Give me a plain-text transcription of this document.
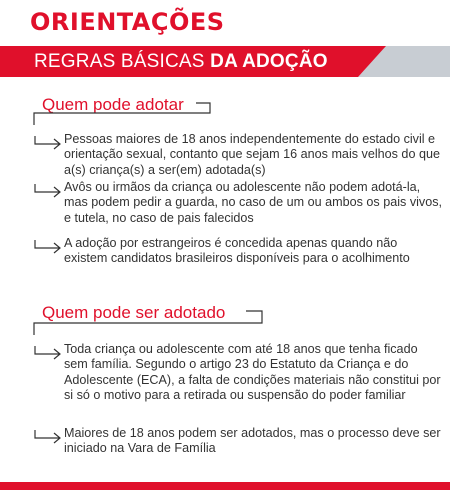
ORIENTAÇÕES
REGRAS BÁSICAS DA ADOÇÃO
Quem pode adotar

Pessoas maiores de 18 anos independentemente do estado civil e orientação sexual, contanto que sejam 16 anos mais velhos do que a(s) criança(s) a ser(em) adotada(s)

Avôs ou irmãos da criança ou adolescente não podem adotá-la, mas podem pedir a guarda, no caso de um ou ambos os pais vivos, e tutela, no caso de pais falecidos

A adoção por estrangeiros é concedida apenas quando não existem candidatos brasileiros disponíveis para o acolhimento

Quem pode ser adotado

Toda criança ou adolescente com até 18 anos que tenha ficado sem família. Segundo o artigo 23 do Estatuto da Criança e do Adolescente (ECA), a falta de condições materiais não constitui por si só o motivo para a retirada ou suspensão do poder familiar

Maiores de 18 anos podem ser adotados, mas o processo deve ser iniciado na Vara de Família
